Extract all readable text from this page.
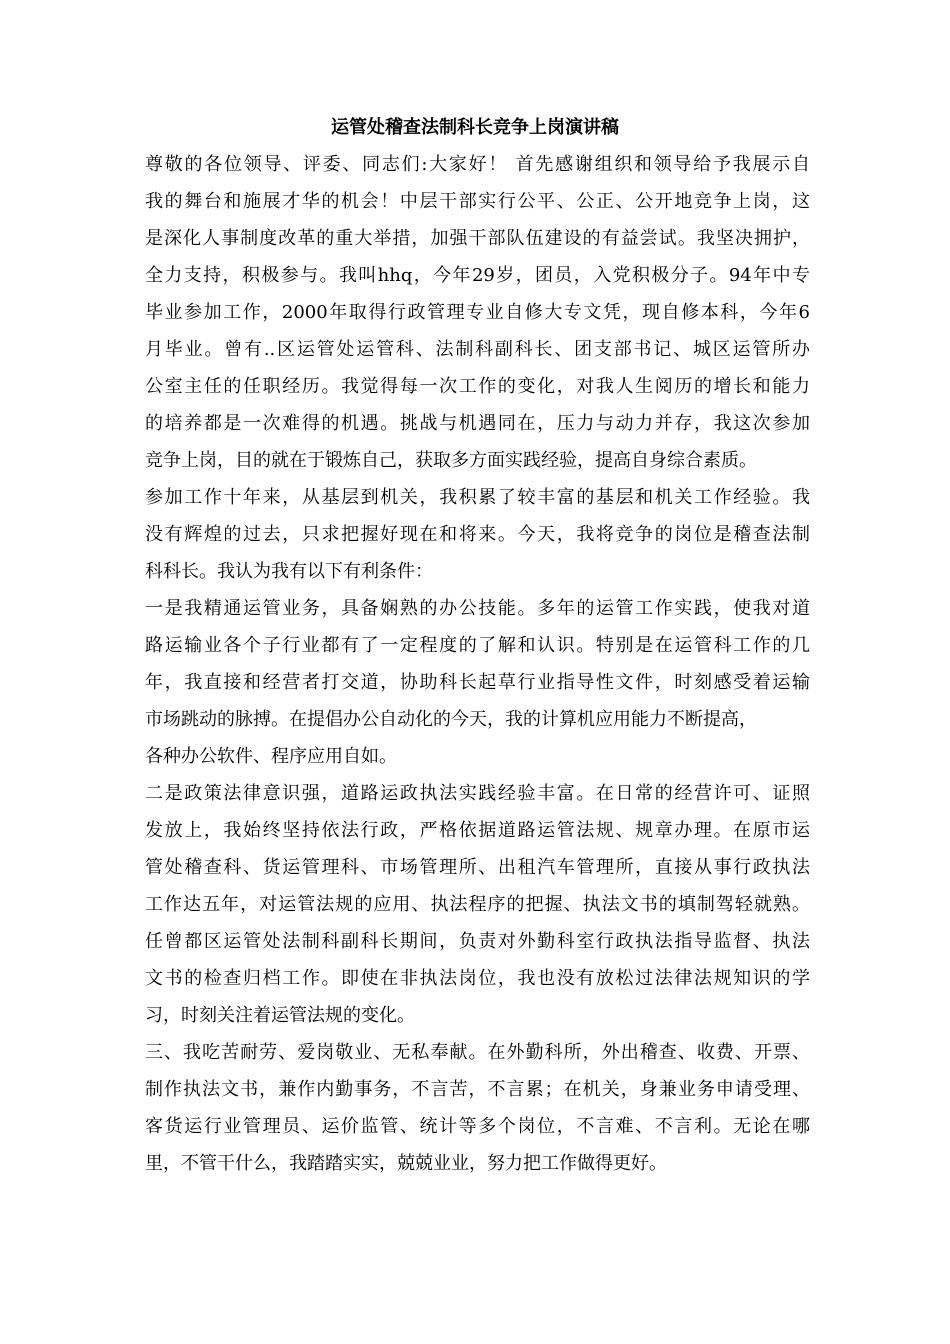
运管处稽查法制科长竞争上岗演讲稿
尊敬的各位领导、评委、同志们:大家好！ 首先感谢组织和领导给予我展示自
我的舞台和施展才华的机会！中层干部实行公平、公正、公开地竞争上岗，这
是深化人事制度改革的重大举措，加强干部队伍建设的有益尝试。我坚决拥护，
全力支持，积极参与。我叫hhq，今年29岁，团员，入党积极分子。94年中专
毕业参加工作，2000年取得行政管理专业自修大专文凭，现自修本科，今年6
月毕业。曾有..区运管处运管科、法制科副科长、团支部书记、城区运管所办
公室主任的任职经历。我觉得每一次工作的变化，对我人生阅历的增长和能力
的培养都是一次难得的机遇。挑战与机遇同在，压力与动力并存，我这次参加
竞争上岗，目的就在于锻炼自己，获取多方面实践经验，提高自身综合素质。
参加工作十年来，从基层到机关，我积累了较丰富的基层和机关工作经验。我
没有辉煌的过去，只求把握好现在和将来。今天，我将竞争的岗位是稽查法制
科科长。我认为我有以下有利条件：
一是我精通运管业务，具备娴熟的办公技能。多年的运管工作实践，使我对道
路运输业各个子行业都有了一定程度的了解和认识。特别是在运管科工作的几
年，我直接和经营者打交道，协助科长起草行业指导性文件，时刻感受着运输
市场跳动的脉搏。在提倡办公自动化的今天，我的计算机应用能力不断提高，
各种办公软件、程序应用自如。
二是政策法律意识强，道路运政执法实践经验丰富。在日常的经营许可、证照
发放上，我始终坚持依法行政，严格依据道路运管法规、规章办理。在原市运
管处稽查科、货运管理科、市场管理所、出租汽车管理所，直接从事行政执法
工作达五年，对运管法规的应用、执法程序的把握、执法文书的填制驾轻就熟。
任曾都区运管处法制科副科长期间，负责对外勤科室行政执法指导监督、执法
文书的检查归档工作。即使在非执法岗位，我也没有放松过法律法规知识的学
习，时刻关注着运管法规的变化。
三、我吃苦耐劳、爱岗敬业、无私奉献。在外勤科所，外出稽查、收费、开票、
制作执法文书，兼作内勤事务，不言苦，不言累；在机关，身兼业务申请受理、
客货运行业管理员、运价监管、统计等多个岗位，不言难、不言利。无论在哪
里，不管干什么，我踏踏实实，兢兢业业，努力把工作做得更好。
